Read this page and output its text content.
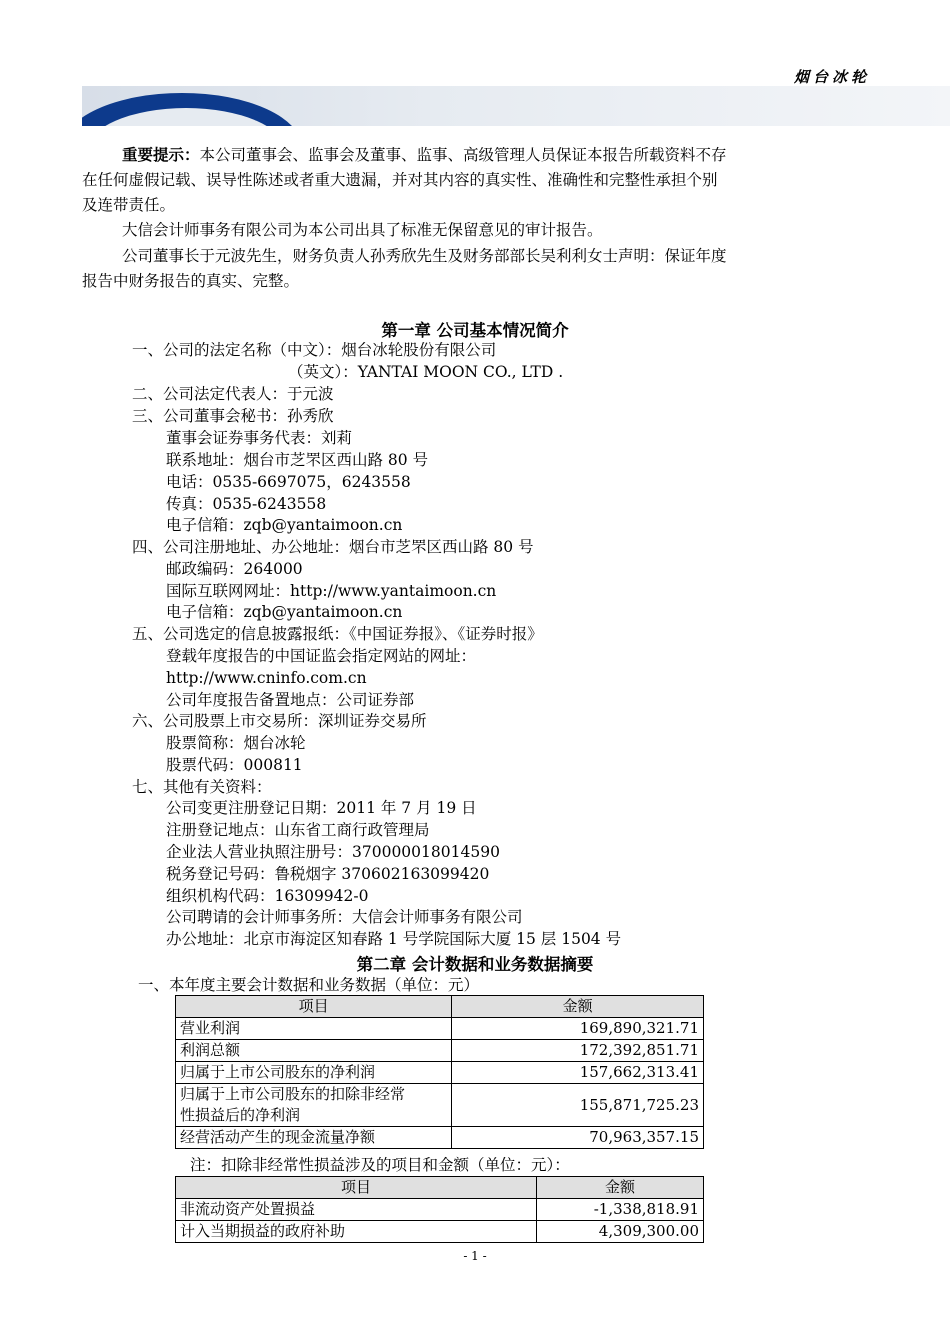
烟台冰轮
重要提示：本公司董事会、监事会及董事、监事、高级管理人员保证本报告所载资料不存
在任何虚假记载、误导性陈述或者重大遗漏，并对其内容的真实性、准确性和完整性承担个别
及连带责任。
大信会计师事务有限公司为本公司出具了标准无保留意见的审计报告。
公司董事长于元波先生，财务负责人孙秀欣先生及财务部部长吴利利女士声明：保证年度
报告中财务报告的真实、完整。
第一章 公司基本情况简介
一、公司的法定名称（中文）：烟台冰轮股份有限公司
（英文）：YANTAI MOON CO., LTD .
二、公司法定代表人：于元波
三、公司董事会秘书：孙秀欣
董事会证券事务代表：刘莉
联系地址：烟台市芝罘区西山路 80 号
电话：0535-6697075，6243558
传真：0535-6243558
电子信箱：zqb@yantaimoon.cn
四、公司注册地址、办公地址：烟台市芝罘区西山路 80 号
邮政编码：264000
国际互联网网址：http://www.yantaimoon.cn
电子信箱：zqb@yantaimoon.cn
五、公司选定的信息披露报纸：《中国证券报》、《证券时报》
登载年度报告的中国证监会指定网站的网址：
http://www.cninfo.com.cn
公司年度报告备置地点：公司证券部
六、公司股票上市交易所：深圳证券交易所
股票简称：烟台冰轮
股票代码：000811
七、其他有关资料：
公司变更注册登记日期：2011 年 7 月 19 日
注册登记地点：山东省工商行政管理局
企业法人营业执照注册号：370000018014590
税务登记号码：鲁税烟字 370602163099420
组织机构代码：16309942-0
公司聘请的会计师事务所：大信会计师事务有限公司
办公地址：北京市海淀区知春路 1 号学院国际大厦 15 层 1504 号
第二章 会计数据和业务数据摘要
一、本年度主要会计数据和业务数据（单位：元）
项目	金额
营业利润	169,890,321.71
利润总额	172,392,851.71
归属于上市公司股东的净利润	157,662,313.41

归属于上市公司股东的扣除非经常
性损益后的净利润	155,871,725.23
经营活动产生的现金流量净额	70,963,357.15
注：扣除非经常性损益涉及的项目和金额（单位：元）：
项目	金额
非流动资产处置损益	-1,338,818.91
计入当期损益的政府补助	4,309,300.00
- 1 -
